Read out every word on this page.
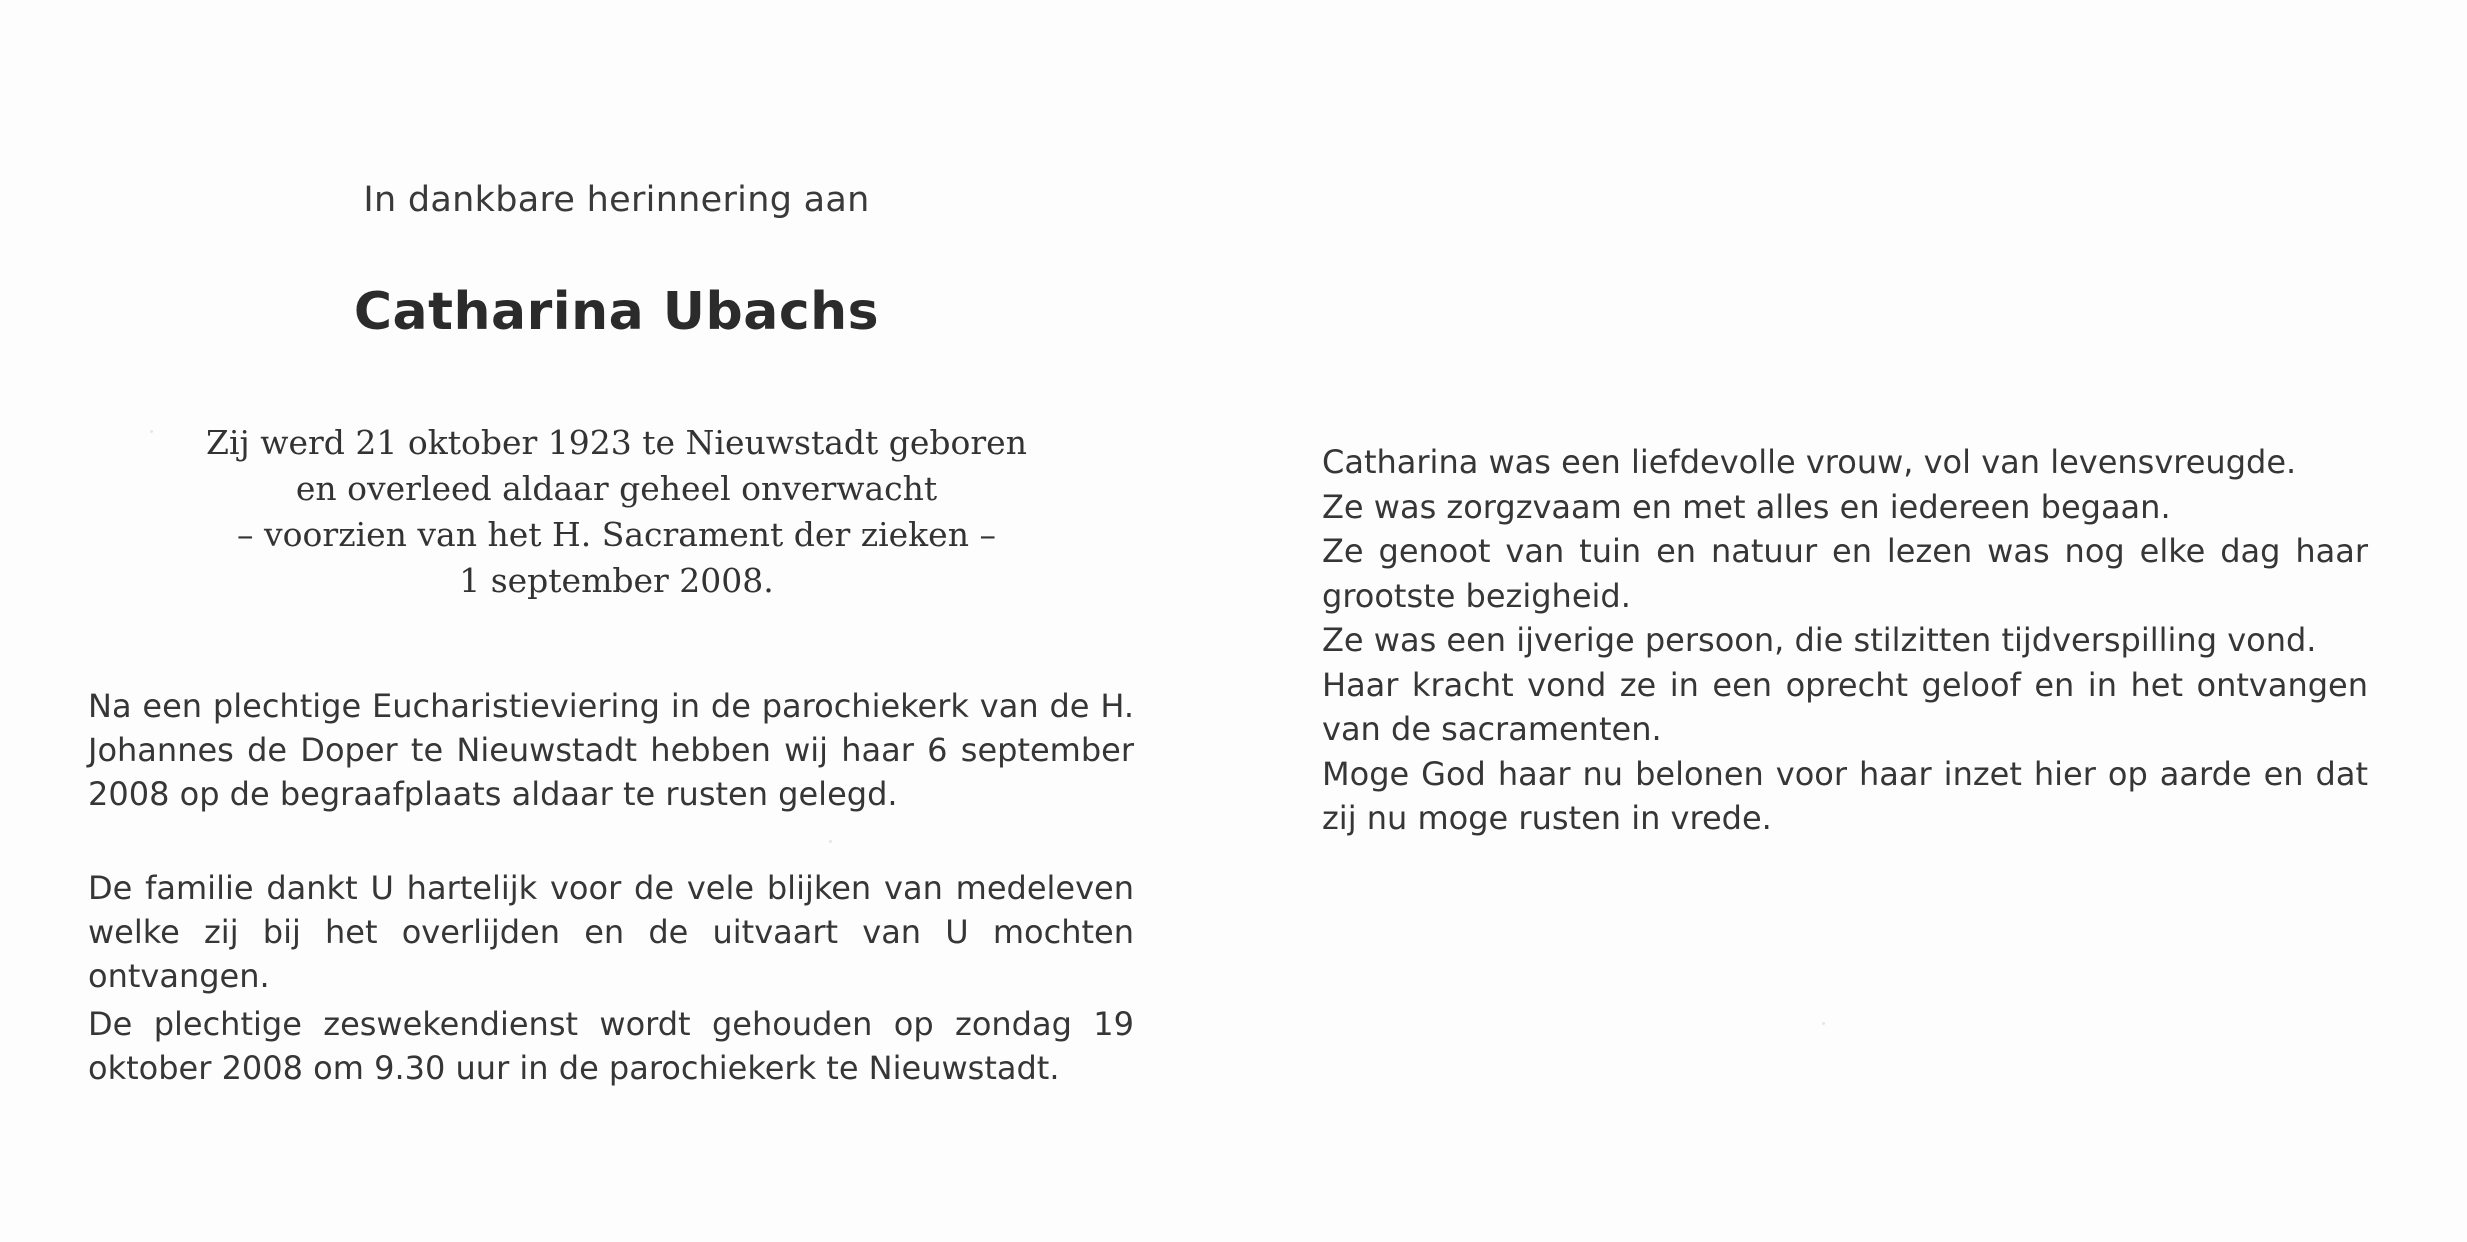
In dankbare herinnering aan

Catharina Ubachs

Zij werd 21 oktober 1923 te Nieuwstadt geboren
en overleed aldaar geheel onverwacht
– voorzien van het H. Sacrament der zieken –
1 september 2008.

Na een plechtige Eucharistieviering in de parochiekerk van de H. Johannes de Doper te Nieuwstadt hebben wij haar 6 september 2008 op de begraafplaats aldaar te rusten gelegd.

De familie dankt U hartelijk voor de vele blijken van medeleven welke zij bij het overlijden en de uitvaart van U mochten ontvangen.

De plechtige zeswekendienst wordt gehouden op zondag 19 oktober 2008 om 9.30 uur in de parochiekerk te Nieuwstadt.

Catharina was een liefdevolle vrouw, vol van levensvreugde.
Ze was zorgzvaam en met alles en iedereen begaan.
Ze genoot van tuin en natuur en lezen was nog elke dag haar grootste bezigheid.
Ze was een ijverige persoon, die stilzitten tijdverspilling vond.
Haar kracht vond ze in een oprecht geloof en in het ontvangen van de sacramenten.
Moge God haar nu belonen voor haar inzet hier op aarde en dat zij nu moge rusten in vrede.
